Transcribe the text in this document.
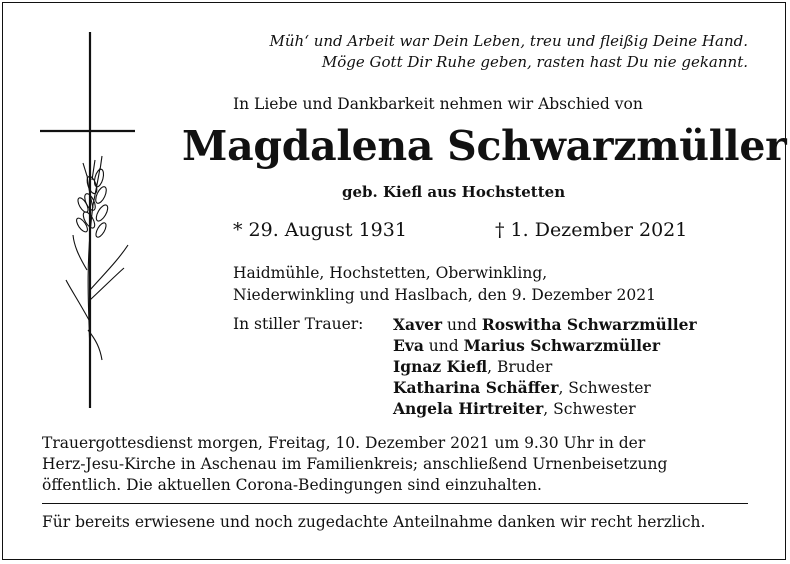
Müh‘ und Arbeit war Dein Leben, treu und fleißig Deine Hand.
Möge Gott Dir Ruhe geben, rasten hast Du nie gekannt.
In Liebe und Dankbarkeit nehmen wir Abschied von
Magdalena Schwarzmüller
geb. Kiefl aus Hochstetten
* 29. August 1931	† 1. Dezember 2021
Haidmühle, Hochstetten, Oberwinkling,
Niederwinkling und Haslbach, den 9. Dezember 2021
In stiller Trauer: Xaver und Roswitha Schwarzmüller
Eva und Marius Schwarzmüller
Ignaz Kiefl, Bruder
Katharina Schäffer, Schwester
Angela Hirtreiter, Schwester
Trauergottesdienst morgen, Freitag, 10. Dezember 2021 um 9.30 Uhr in der
Herz-Jesu-Kirche in Aschenau im Familienkreis; anschließend Urnenbeisetzung
öffentlich. Die aktuellen Corona-Bedingungen sind einzuhalten.
Für bereits erwiesene und noch zugedachte Anteilnahme danken wir recht herzlich.
